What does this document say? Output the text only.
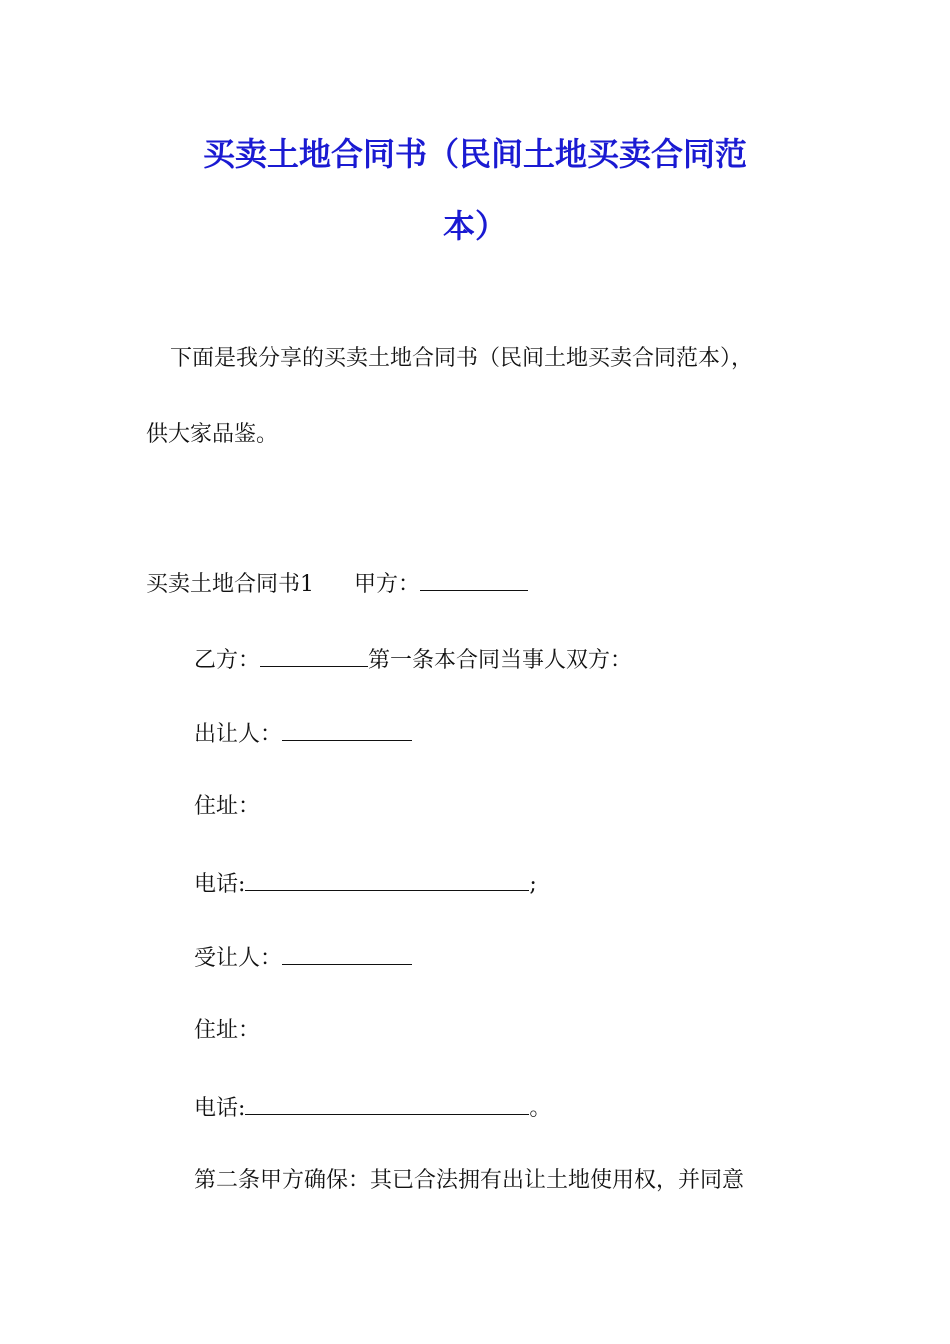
买卖土地合同书（民间土地买卖合同范
本）

下面是我分享的买卖土地合同书（民间土地买卖合同范本），

供大家品鉴。

买卖土地合同书1 甲方：

乙方：	第一条本合同当事人双方：

出让人：

住址：

电话:	;

受让人：

住址：

电话:	。

第二条甲方确保：其已合法拥有出让土地使用权，并同意
